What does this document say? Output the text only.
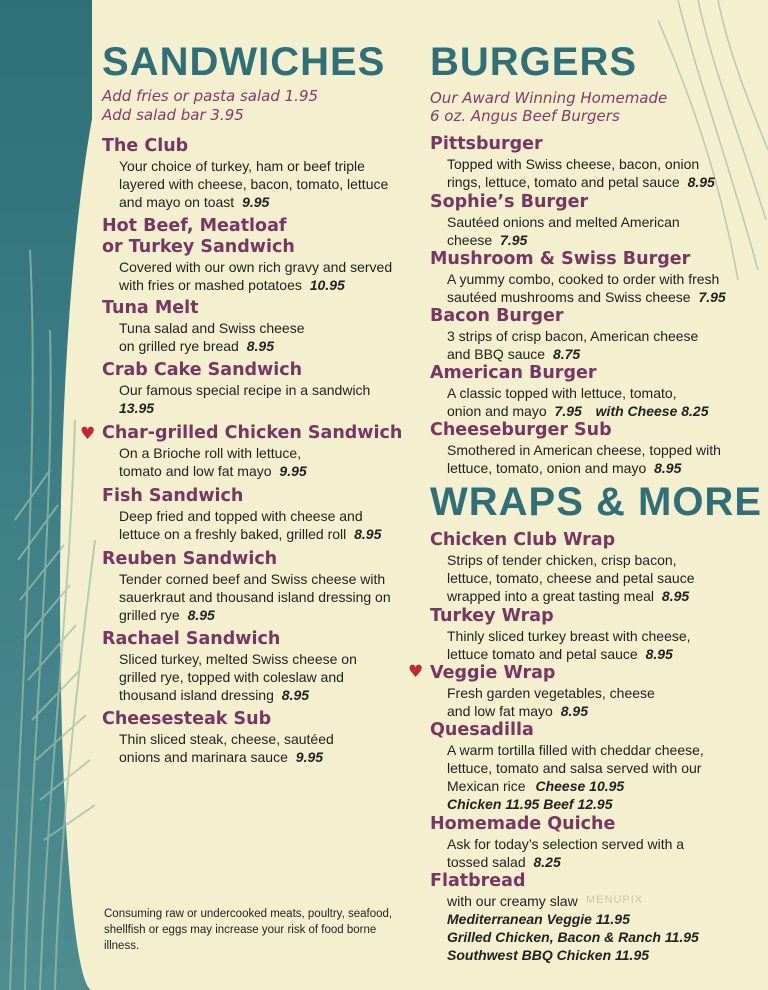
SANDWICHES

Add fries or pasta salad 1.95

Add salad bar 3.95

The Club
Your choice of turkey, ham or beef triple
layered with cheese, bacon, tomato, lettuce
and mayo on toast 9.95
Hot Beef, Meatloaf
or Turkey Sandwich
Covered with our own rich gravy and served
with fries or mashed potatoes 10.95
Tuna Melt
Tuna salad and Swiss cheese
on grilled rye bread 8.95
Crab Cake Sandwich
Our famous special recipe in a sandwich
13.95
Char-grilled Chicken Sandwich
On a Brioche roll with lettuce,
tomato and low fat mayo 9.95
Fish Sandwich
Deep fried and topped with cheese and
lettuce on a freshly baked, grilled roll 8.95
Reuben Sandwich
Tender corned beef and Swiss cheese with
sauerkraut and thousand island dressing on
grilled rye 8.95
Rachael Sandwich
Sliced turkey, melted Swiss cheese on
grilled rye, topped with coleslaw and
thousand island dressing 8.95
Cheesesteak Sub
Thin sliced steak, cheese, sautéed
onions and marinara sauce 9.95
♥
Consuming raw or undercooked meats, poultry, seafood, shellfish or eggs may increase your risk of food borne illness.
BURGERS

Our Award Winning Homemade

6 oz. Angus Beef Burgers

Pittsburger
Topped with Swiss cheese, bacon, onion
rings, lettuce, tomato and petal sauce 8.95
Sophie’s Burger
Sautéed onions and melted American
cheese 7.95
Mushroom & Swiss Burger
A yummy combo, cooked to order with fresh
sautéed mushrooms and Swiss cheese 7.95
Bacon Burger
3 strips of crisp bacon, American cheese
and BBQ sauce 8.75
American Burger
A classic topped with lettuce, tomato,
onion and mayo 7.95 with Cheese 8.25
Cheeseburger Sub
Smothered in American cheese, topped with
lettuce, tomato, onion and mayo 8.95
WRAPS & MORE
Chicken Club Wrap
Strips of tender chicken, crisp bacon,
lettuce, tomato, cheese and petal sauce
wrapped into a great tasting meal 8.95
Turkey Wrap
Thinly sliced turkey breast with cheese,
lettuce tomato and petal sauce 8.95
Veggie Wrap
Fresh garden vegetables, cheese
and low fat mayo 8.95
Quesadilla
A warm tortilla filled with cheddar cheese,
lettuce, tomato and salsa served with our
Mexican rice Cheese 10.95
Chicken 11.95 Beef 12.95
Homemade Quiche
Ask for today’s selection served with a
tossed salad 8.25
Flatbread
with our creamy slaw
Mediterranean Veggie 11.95
Grilled Chicken, Bacon & Ranch 11.95
Southwest BBQ Chicken 11.95
♥
MENUPIX
